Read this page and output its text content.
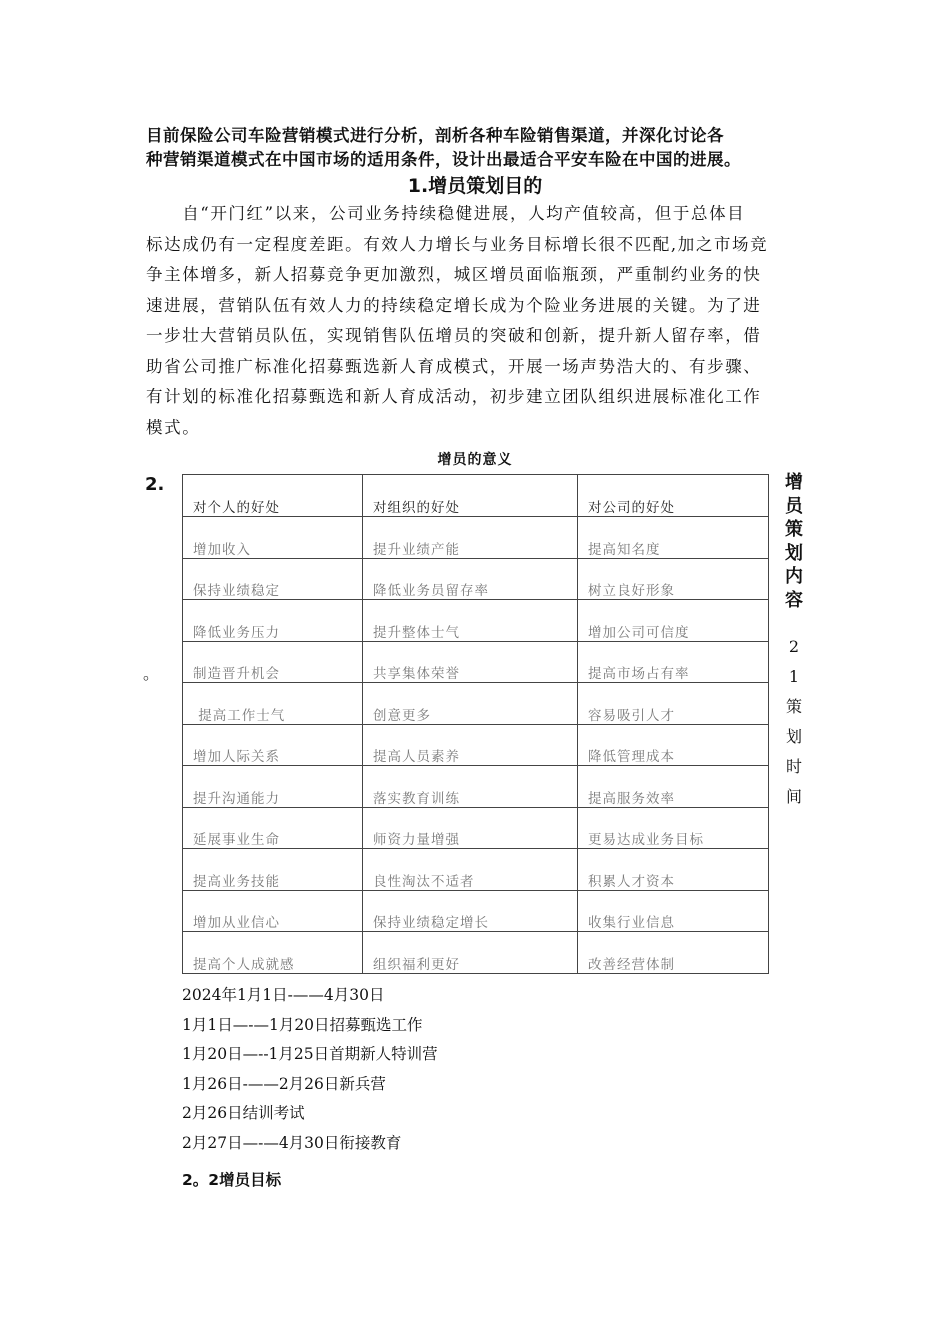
目前保险公司车险营销模式进行分析，剖析各种车险销售渠道，并深化讨论各
种营销渠道模式在中国市场的适用条件，设计出最适合平安车险在中国的进展。
1.增员策划目的
　　自“开门红”以来，公司业务持续稳健进展，人均产值较高，但于总体目
标达成仍有一定程度差距。有效人力增长与业务目标增长很不匹配,加之市场竞
争主体增多，新人招募竞争更加激烈，城区增员面临瓶颈，严重制约业务的快
速进展，营销队伍有效人力的持续稳定增长成为个险业务进展的关键。为了进
一步壮大营销员队伍，实现销售队伍增员的突破和创新，提升新人留存率，借
助省公司推广标准化招募甄选新人育成模式，开展一场声势浩大的、有步骤、
有计划的标准化招募甄选和新人育成活动，初步建立团队组织进展标准化工作
模式。
增员的意义
2.
。
对个人的好处	对组织的好处	对公司的好处
增加收入	提升业绩产能	提高知名度
保持业绩稳定	降低业务员留存率	树立良好形象
降低业务压力	提升整体士气	增加公司可信度
制造晋升机会	共享集体荣誉	提高市场占有率
提高工作士气	创意更多	容易吸引人才
增加人际关系	提高人员素养	降低管理成本
提升沟通能力	落实教育训练	提高服务效率
延展事业生命	师资力量增强	更易达成业务目标
提高业务技能	良性淘汰不适者	积累人才资本
增加从业信心	保持业绩稳定增长	收集行业信息
提高个人成就感	组织福利更好	改善经营体制
增
员
策
划
内
容
2
1
策
划
时
间
2024年1月1日-——4月30日
1月1日—-—1月20日招募甄选工作
1月20日—--1月25日首期新人特训营
1月26日-——2月26日新兵营
2月26日结训考试
2月27日—-—4月30日衔接教育
2。2增员目标
